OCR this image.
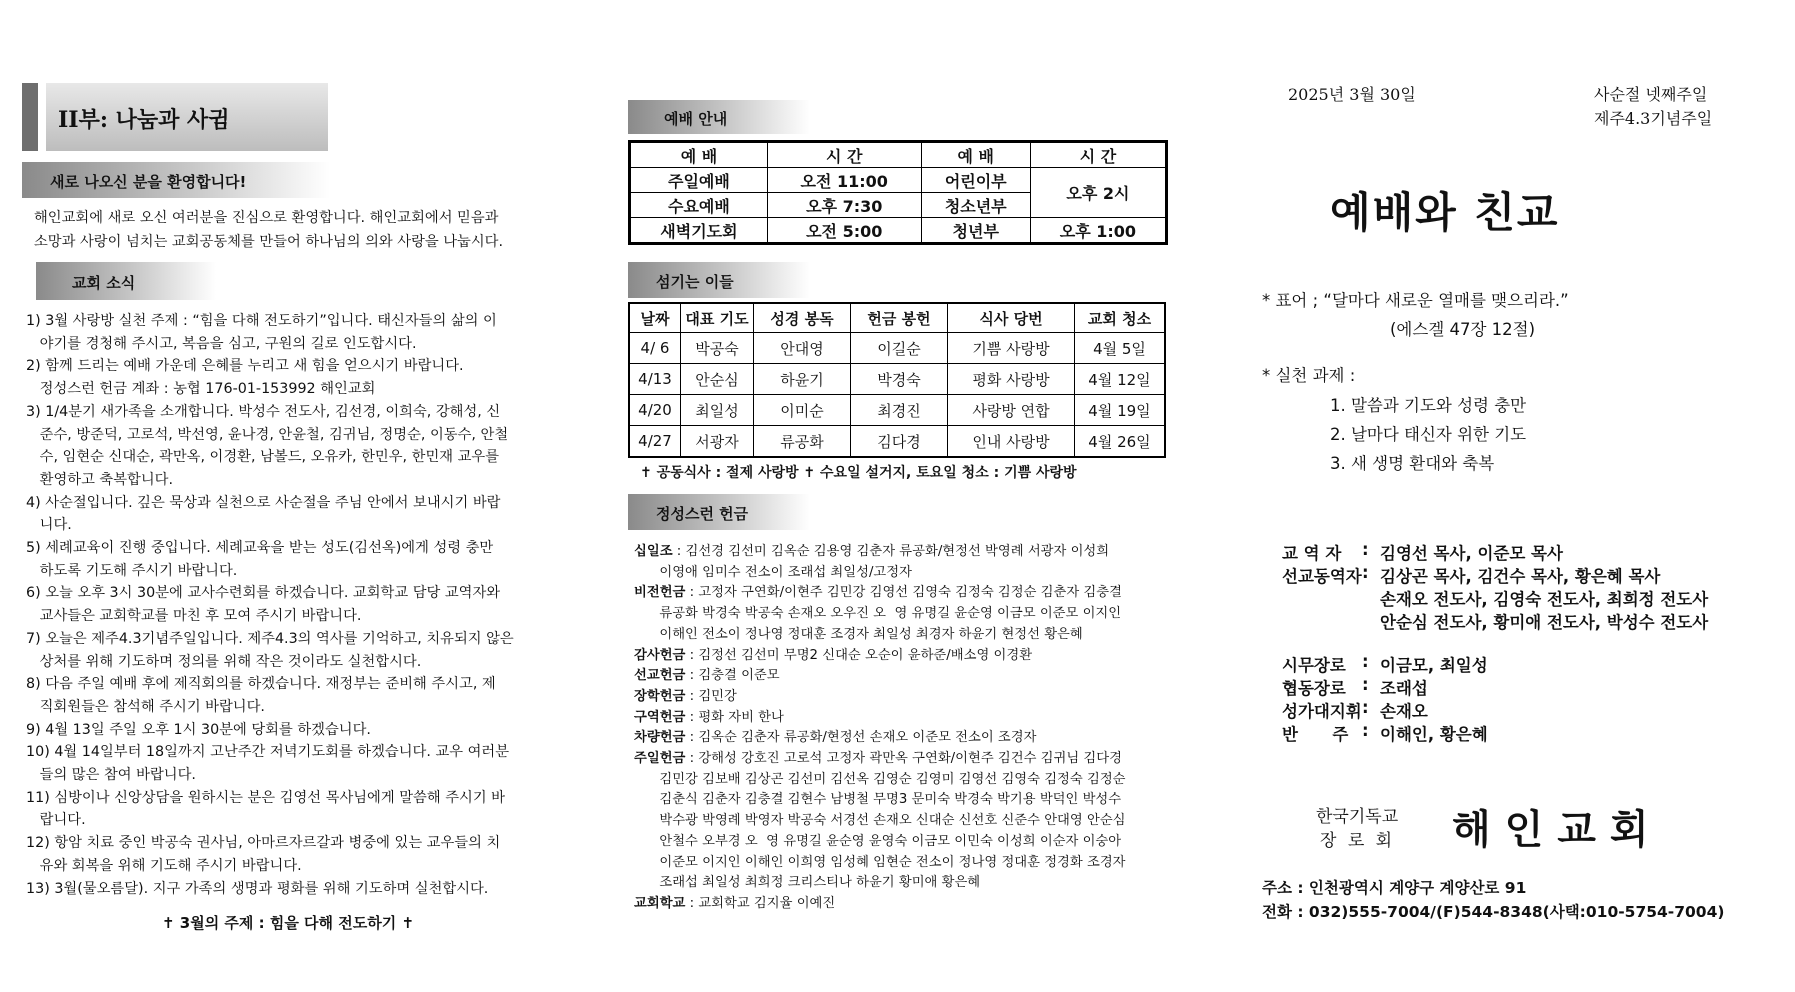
II부: 나눔과 사귐
새로 나오신 분을 환영합니다!
해인교회에 새로 오신 여러분을 진심으로 환영합니다. 해인교회에서 믿음과
소망과 사랑이 넘치는 교회공동체를 만들어 하나님의 의와 사랑을 나눕시다.
교회 소식
1) 3월 사랑방 실천 주제 : “힘을 다해 전도하기”입니다. 태신자들의 삶의 이
야기를 경청해 주시고, 복음을 심고, 구원의 길로 인도합시다.
2) 함께 드리는 예배 가운데 은혜를 누리고 새 힘을 얻으시기 바랍니다.
정성스런 헌금 계좌 : 농협 176-01-153992 해인교회
3) 1/4분기 새가족을 소개합니다. 박성수 전도사, 김선경, 이희숙, 강해성, 신
준수, 방준덕, 고로석, 박선영, 윤나경, 안윤철, 김귀님, 정명순, 이동수, 안철
수, 임현순 신대순, 곽만옥, 이경환, 남볼드, 오유카, 한민우, 한민재 교우를
환영하고 축복합니다.
4) 사순절입니다. 깊은 묵상과 실천으로 사순절을 주님 안에서 보내시기 바랍
니다.
5) 세례교육이 진행 중입니다. 세례교육을 받는 성도(김선옥)에게 성령 충만
하도록 기도해 주시기 바랍니다.
6) 오늘 오후 3시 30분에 교사수련회를 하겠습니다. 교회학교 담당 교역자와
교사들은 교회학교를 마친 후 모여 주시기 바랍니다.
7) 오늘은 제주4.3기념주일입니다. 제주4.3의 역사를 기억하고, 치유되지 않은
상처를 위해 기도하며 정의를 위해 작은 것이라도 실천합시다.
8) 다음 주일 예배 후에 제직회의를 하겠습니다. 재정부는 준비해 주시고, 제
직회원들은 참석해 주시기 바랍니다.
9) 4월 13일 주일 오후 1시 30분에 당회를 하겠습니다.
10) 4월 14일부터 18일까지 고난주간 저녁기도회를 하겠습니다. 교우 여러분
들의 많은 참여 바랍니다.
11) 심방이나 신앙상담을 원하시는 분은 김영선 목사님에게 말씀해 주시기 바
랍니다.
12) 항암 치료 중인 박공숙 권사님, 아마르자르갈과 병중에 있는 교우들의 치
유와 회복을 위해 기도해 주시기 바랍니다.
13) 3월(물오름달). 지구 가족의 생명과 평화를 위해 기도하며 실천합시다.
✝ 3월의 주제 : 힘을 다해 전도하기 ✝
예배 안내
예 배	시 간	예 배	시 간
주일예배	오전 11:00	어린이부	오후 2시
수요예배	오후 7:30	청소년부	
새벽기도회	오전 5:00	청년부	오후 1:00
섬기는 이들
날짜	대표 기도	성경 봉독	헌금 봉헌	식사 당번	교회 청소
4/ 6	박공숙	안대영	이길순	기쁨 사랑방	4월 5일
4/13	안순심	하윤기	박경숙	평화 사랑방	4월 12일
4/20	최일성	이미순	최경진	사랑방 연합	4월 19일
4/27	서광자	류공화	김다경	인내 사랑방	4월 26일
✝ 공동식사 : 절제 사랑방 ✝ 수요일 설거지, 토요일 청소 : 기쁨 사랑방
정성스런 헌금
십일조 : 김선경 김선미 김옥순 김용영 김춘자 류공화/현정선 박영례 서광자 이성희
이영애 임미수 전소이 조래섭 최일성/고정자
비전헌금 : 고정자 구연화/이현주 김민강 김영선 김영숙 김정숙 김정순 김춘자 김충결
류공화 박경숙 박공숙 손재오 오우진 오  영 유명길 윤순영 이금모 이준모 이지인
이해인 전소이 정나영 정대훈 조경자 최일성 최경자 하윤기 현정선 황은혜
감사헌금 : 김정선 김선미 무명2 신대순 오순이 윤하준/배소영 이경환
선교헌금 : 김충결 이준모
장학헌금 : 김민강
구역헌금 : 평화 자비 한나
차량헌금 : 김옥순 김춘자 류공화/현정선 손재오 이준모 전소이 조경자
주일헌금 : 강해성 강호진 고로석 고정자 곽만옥 구연화/이현주 김건수 김귀님 김다경
김민강 김보배 김상곤 김선미 김선옥 김영순 김영미 김영선 김영숙 김정숙 김정순
김춘식 김춘자 김충결 김현수 남병철 무명3 문미숙 박경숙 박기용 박덕인 박성수
박수광 박영례 박영자 박공숙 서경선 손재오 신대순 신선호 신준수 안대영 안순심
안철수 오부경 오  영 유명길 윤순영 윤영숙 이금모 이민숙 이성희 이순자 이숭아
이준모 이지인 이해인 이희영 임성혜 임현순 전소이 정나영 정대훈 정경화 조경자
조래섭 최일성 최희정 크리스티나 하윤기 황미애 황은혜
교회학교 : 교회학교 김지율 이예진
2025년 3월 30일	사순절 넷째주일
제주4.3기념주일
예배와 친교
* 표어 ; “달마다 새로운 열매를 맺으리라.”
(에스겔 47장 12절)
* 실천 과제 :
1. 말씀과 기도와 성령 충만
2. 날마다 태신자 위한 기도
3. 새 생명 환대와 축복
교 역 자 : 김영선 목사, 이준모 목사
선교동역자 : 김상곤 목사, 김건수 목사, 황은혜 목사
손재오 전도사, 김영숙 전도사, 최희정 전도사
안순심 전도사, 황미애 전도사, 박성수 전도사
시무장로 : 이금모, 최일성
협동장로 : 조래섭
성가대지휘 : 손재오
반      주 : 이해인, 황은혜
한국기독교
장 로 회 해인교회
주소 : 인천광역시 계양구 계양산로 91
전화 : 032)555-7004/(F)544-8348(사택:010-5754-7004)
